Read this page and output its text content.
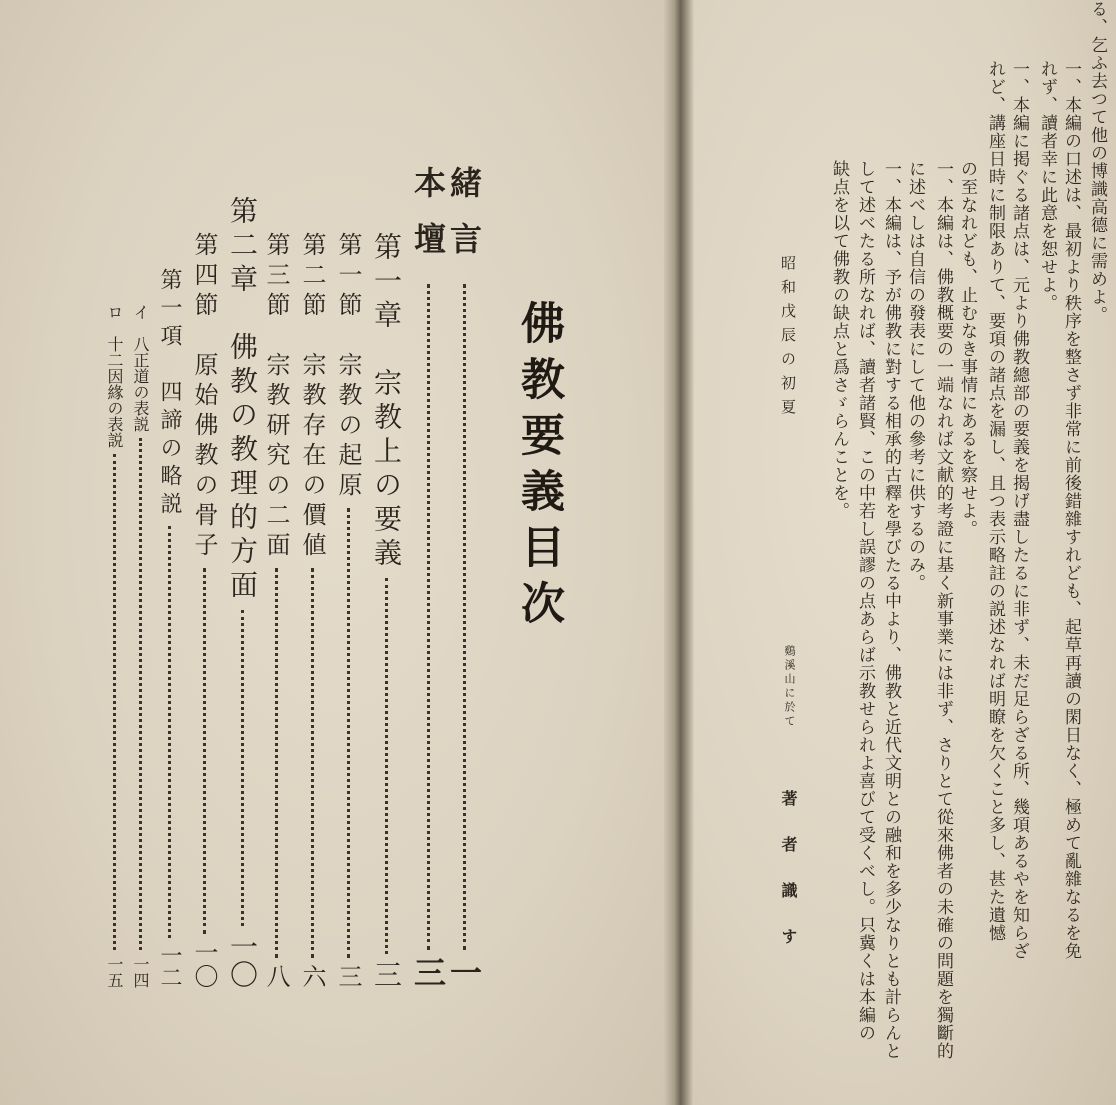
佛教要義目次
緒言
一
本壇
三
第一章　宗教上の要義
三
第一節　宗教の起原
三
第二節　宗教存在の價値
六
第三節　宗教研究の二面
八
第二章　佛教の教理的方面
一〇
第四節　原始佛教の骨子
一〇
第一項　四諦の略説
一二
イ　八正道の表説
一四
ロ　十二因緣の表説
一五
る、乞ふ去つて他の博識高德に需めよ。
一、本編の口述は、最初より秩序を整さず非常に前後錯雜すれども、起草再讀の閑日なく、極めて亂雜なるを免
れず、讀者幸に此意を恕せよ。
一、本編に掲ぐる諸点は、元より佛教總部の要義を揭げ盡したるに非ず、未だ足らざる所、幾項あるやを知らざ
れど、講座日時に制限ありて、要項の諸点を漏し、且つ表示略註の説述なれば明瞭を欠くこと多し、甚た遺憾
の至なれども、止むなき事情にあるを察せよ。
一、本編は、佛教概要の一端なれば文献的考證に基く新事業には非ず、さりとて從來佛者の未確の問題を獨斷的
に述べしは自信の發表にして他の參考に供するのみ。
一、本編は、予が佛教に對する相承的古釋を學びたる中より、佛教と近代文明との融和を多少なりとも計らんと
して述べたる所なれば、讀者諸賢、この中若し誤謬の点あらば示教せられよ喜びて受くべし。只冀くは本編の
缺点を以て佛教の缺点と爲さゞらんことを。
昭和戊辰の初夏
鷄溪山に於て
著者識す
